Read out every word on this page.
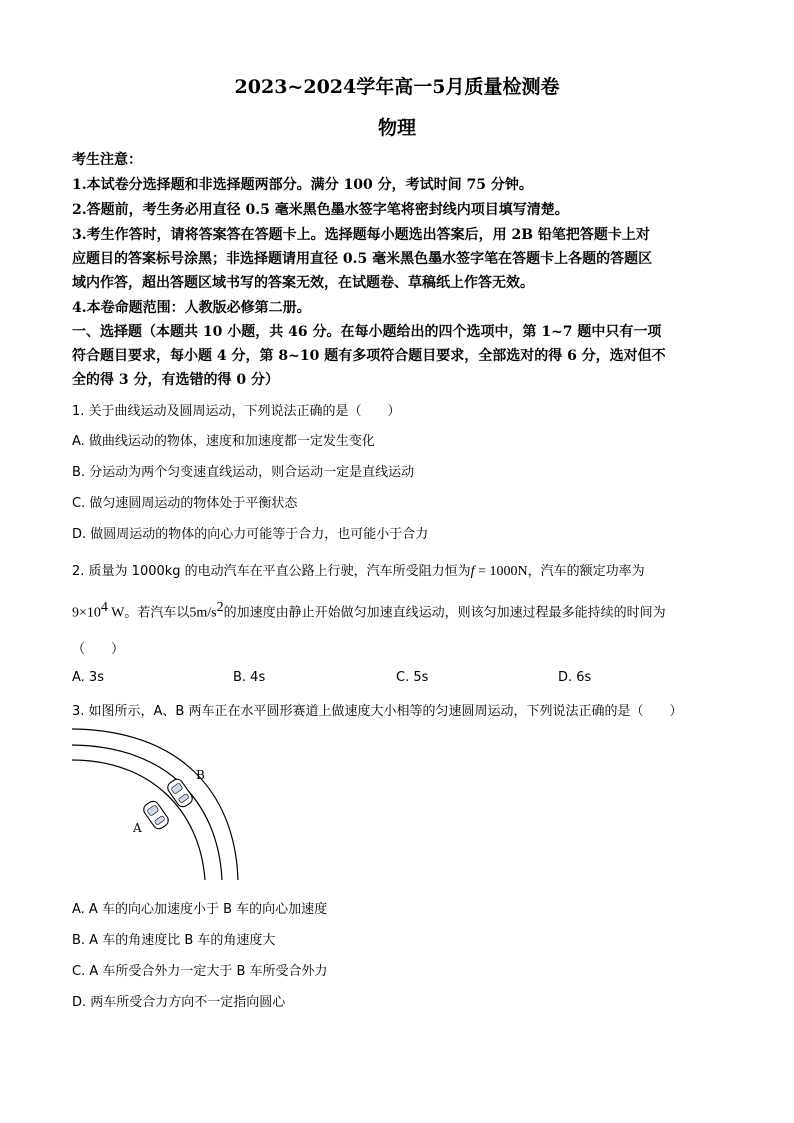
2023~2024学年高一5月质量检测卷
物理
考生注意：
1.本试卷分选择题和非选择题两部分。满分 100 分，考试时间 75 分钟。
2.答题前，考生务必用直径 0.5 毫米黑色墨水签字笔将密封线内项目填写清楚。
3.考生作答时，请将答案答在答题卡上。选择题每小题选出答案后，用 2B 铅笔把答题卡上对
应题目的答案标号涂黑；非选择题请用直径 0.5 毫米黑色墨水签字笔在答题卡上各题的答题区
域内作答，超出答题区域书写的答案无效，在试题卷、草稿纸上作答无效。
4.本卷命题范围：人教版必修第二册。
一、选择题（本题共 10 小题，共 46 分。在每小题给出的四个选项中，第 1~7 题中只有一项
符合题目要求，每小题 4 分，第 8~10 题有多项符合题目要求，全部选对的得 6 分，选对但不
全的得 3 分，有选错的得 0 分）
1. 关于曲线运动及圆周运动，下列说法正确的是（　　）
A. 做曲线运动的物体，速度和加速度都一定发生变化
B. 分运动为两个匀变速直线运动，则合运动一定是直线运动
C. 做匀速圆周运动的物体处于平衡状态
D. 做圆周运动的物体的向心力可能等于合力，也可能小于合力
2. 质量为 1000kg 的电动汽车在平直公路上行驶，汽车所受阻力恒为f = 1000N，汽车的额定功率为
$9\times 10^4$ W。若汽车以$5m/s^2$的加速度由静止开始做匀加速直线运动，则该匀加速过程最多能持续的时间为
（　　）
A. 3s	B. 4s	C. 5s	D. 6s
3. 如图所示，A、B 两车正在水平圆形赛道上做速度大小相等的匀速圆周运动，下列说法正确的是（　　）
A
B
A. A 车的向心加速度小于 B 车的向心加速度
B. A 车的角速度比 B 车的角速度大
C. A 车所受合外力一定大于 B 车所受合外力
D. 两车所受合力方向不一定指向圆心
